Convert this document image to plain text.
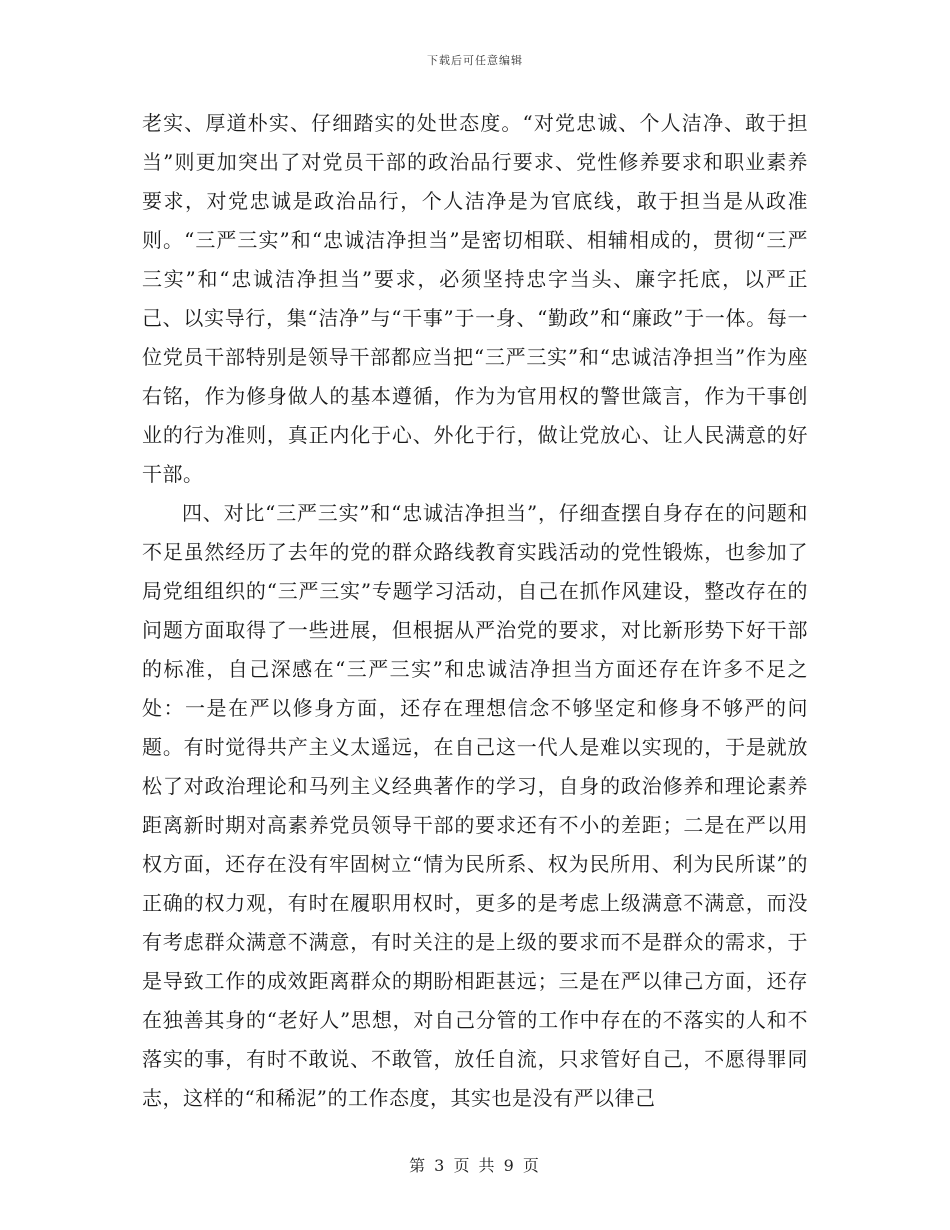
下载后可任意编辑

老实、厚道朴实、仔细踏实的处世态度。“对党忠诚、个人洁净、敢于担当”则更加突出了对党员干部的政治品行要求、党性修养要求和职业素养要求，对党忠诚是政治品行，个人洁净是为官底线，敢于担当是从政准则。“三严三实”和“忠诚洁净担当”是密切相联、相辅相成的，贯彻“三严三实”和“忠诚洁净担当”要求，必须坚持忠字当头、廉字托底，以严正己、以实导行，集“洁净”与“干事”于一身、“勤政”和“廉政”于一体。每一位党员干部特别是领导干部都应当把“三严三实”和“忠诚洁净担当”作为座右铭，作为修身做人的基本遵循，作为为官用权的警世箴言，作为干事创业的行为准则，真正内化于心、外化于行，做让党放心、让人民满意的好干部。

四、对比“三严三实”和“忠诚洁净担当”，仔细查摆自身存在的问题和不足虽然经历了去年的党的群众路线教育实践活动的党性锻炼，也参加了局党组组织的“三严三实”专题学习活动，自己在抓作风建设，整改存在的问题方面取得了一些进展，但根据从严治党的要求，对比新形势下好干部的标准，自己深感在“三严三实”和忠诚洁净担当方面还存在许多不足之处：一是在严以修身方面，还存在理想信念不够坚定和修身不够严的问题。有时觉得共产主义太遥远，在自己这一代人是难以实现的，于是就放松了对政治理论和马列主义经典著作的学习，自身的政治修养和理论素养距离新时期对高素养党员领导干部的要求还有不小的差距；二是在严以用权方面，还存在没有牢固树立“情为民所系、权为民所用、利为民所谋”的正确的权力观，有时在履职用权时，更多的是考虑上级满意不满意，而没有考虑群众满意不满意，有时关注的是上级的要求而不是群众的需求，于是导致工作的成效距离群众的期盼相距甚远；三是在严以律己方面，还存在独善其身的“老好人”思想，对自己分管的工作中存在的不落实的人和不落实的事，有时不敢说、不敢管，放任自流，只求管好自己，不愿得罪同志，这样的“和稀泥”的工作态度，其实也是没有严以律己

第 3 页 共 9 页
